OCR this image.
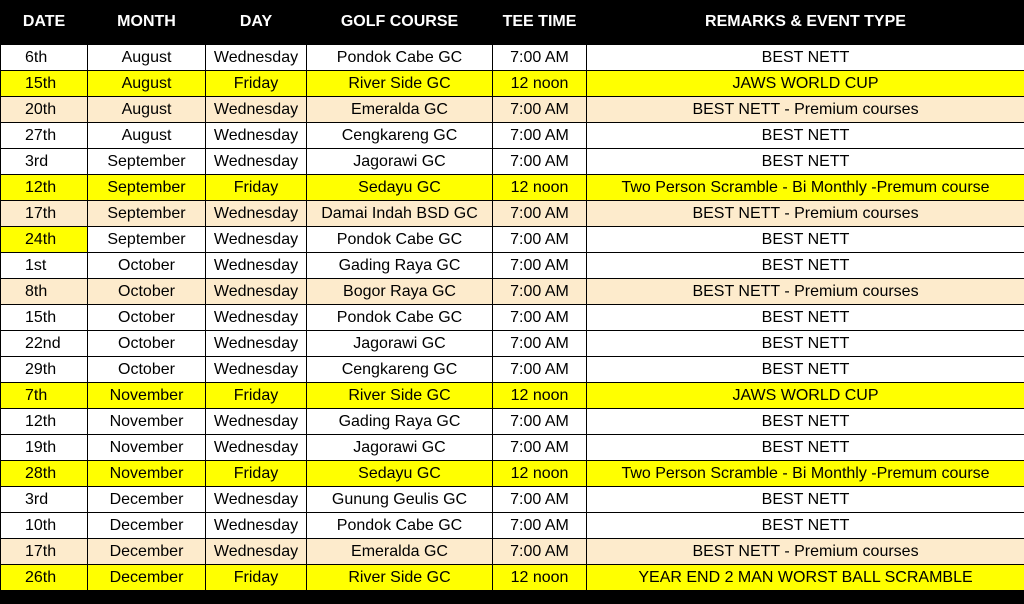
DATE	MONTH	DAY	GOLF COURSE	TEE TIME	REMARKS & EVENT TYPE
6th	August	Wednesday	Pondok Cabe GC	7:00 AM	BEST NETT
15th	August	Friday	River Side GC	12 noon	JAWS WORLD CUP
20th	August	Wednesday	Emeralda GC	7:00 AM	BEST NETT - Premium courses
27th	August	Wednesday	Cengkareng GC	7:00 AM	BEST NETT
3rd	September	Wednesday	Jagorawi GC	7:00 AM	BEST NETT
12th	September	Friday	Sedayu GC	12 noon	Two Person Scramble - Bi Monthly -Premum course
17th	September	Wednesday	Damai Indah BSD GC	7:00 AM	BEST NETT - Premium courses
24th	September	Wednesday	Pondok Cabe GC	7:00 AM	BEST NETT
1st	October	Wednesday	Gading Raya GC	7:00 AM	BEST NETT
8th	October	Wednesday	Bogor Raya GC	7:00 AM	BEST NETT - Premium courses
15th	October	Wednesday	Pondok Cabe GC	7:00 AM	BEST NETT
22nd	October	Wednesday	Jagorawi GC	7:00 AM	BEST NETT
29th	October	Wednesday	Cengkareng GC	7:00 AM	BEST NETT
7th	November	Friday	River Side GC	12 noon	JAWS WORLD CUP
12th	November	Wednesday	Gading Raya GC	7:00 AM	BEST NETT
19th	November	Wednesday	Jagorawi GC	7:00 AM	BEST NETT
28th	November	Friday	Sedayu GC	12 noon	Two Person Scramble - Bi Monthly -Premum course
3rd	December	Wednesday	Gunung Geulis GC	7:00 AM	BEST NETT
10th	December	Wednesday	Pondok Cabe GC	7:00 AM	BEST NETT
17th	December	Wednesday	Emeralda GC	7:00 AM	BEST NETT - Premium courses
26th	December	Friday	River Side GC	12 noon	YEAR END 2 MAN WORST BALL SCRAMBLE
